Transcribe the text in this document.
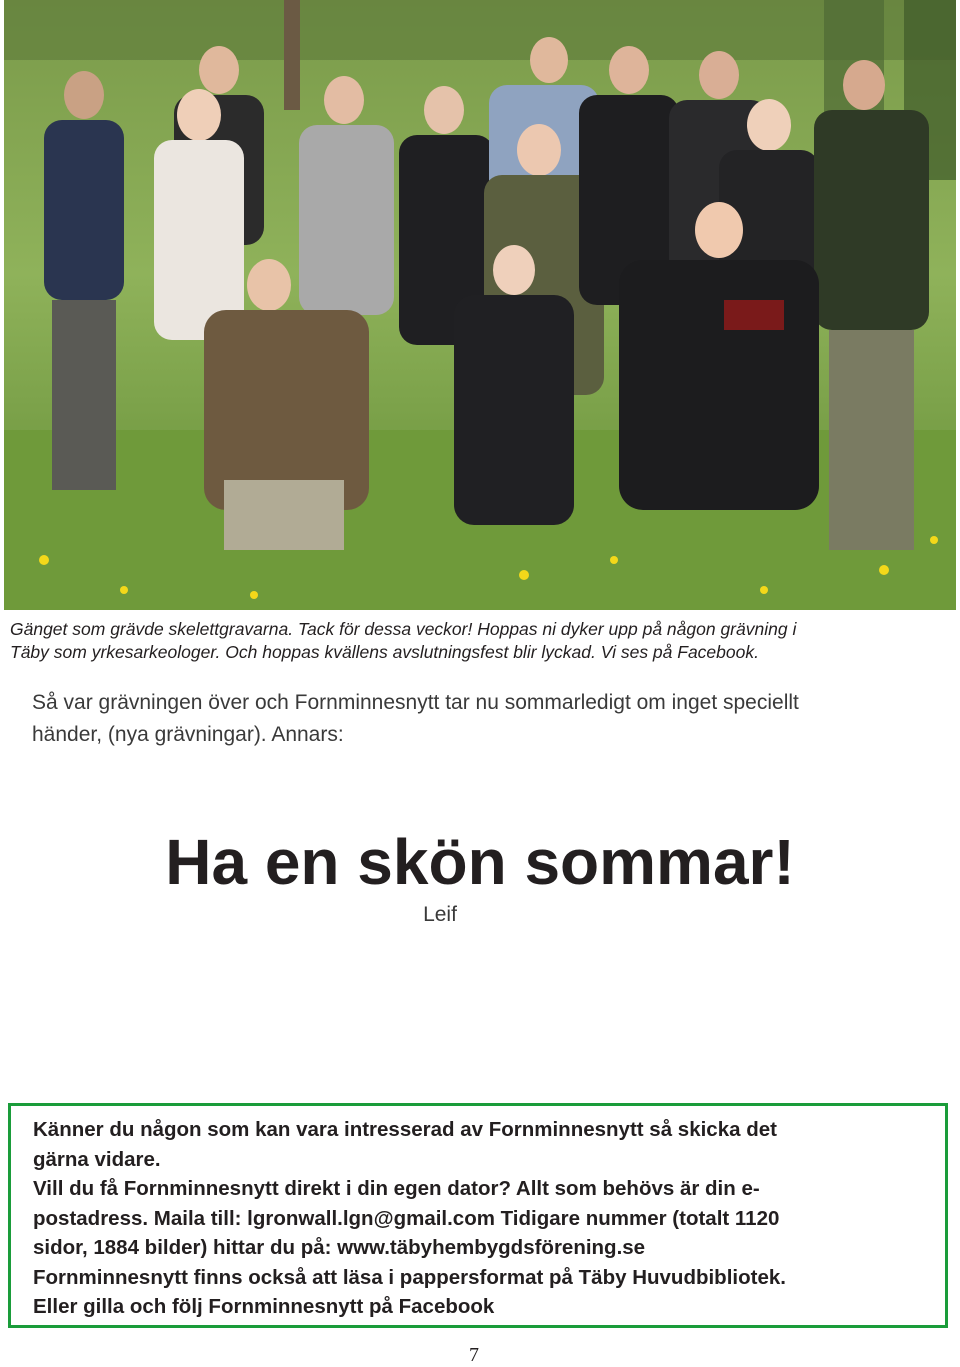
Gänget som grävde skelettgravarna. Tack för dessa veckor! Hoppas ni dyker upp på någon grävning i
Täby som yrkesarkeologer. Och hoppas kvällens avslutningsfest blir lyckad. Vi ses på Facebook.
Så var grävningen över och Fornminnesnytt tar nu sommarledigt om inget speciellt
händer, (nya grävningar). Annars:
Ha en skön sommar!
Leif

Känner du någon som kan vara intresserad av Fornminnesnytt så skicka det

gärna vidare.

Vill du få Fornminnesnytt direkt i din egen dator? Allt som behövs är din e-

postadress. Maila till: lgronwall.lgn@gmail.com Tidigare nummer (totalt 1120

sidor, 1884 bilder) hittar du på: www.täbyhembygdsförening.se

Fornminnesnytt finns också att läsa i pappersformat på Täby Huvudbibliotek.

Eller gilla och följ Fornminnesnytt på Facebook

7
